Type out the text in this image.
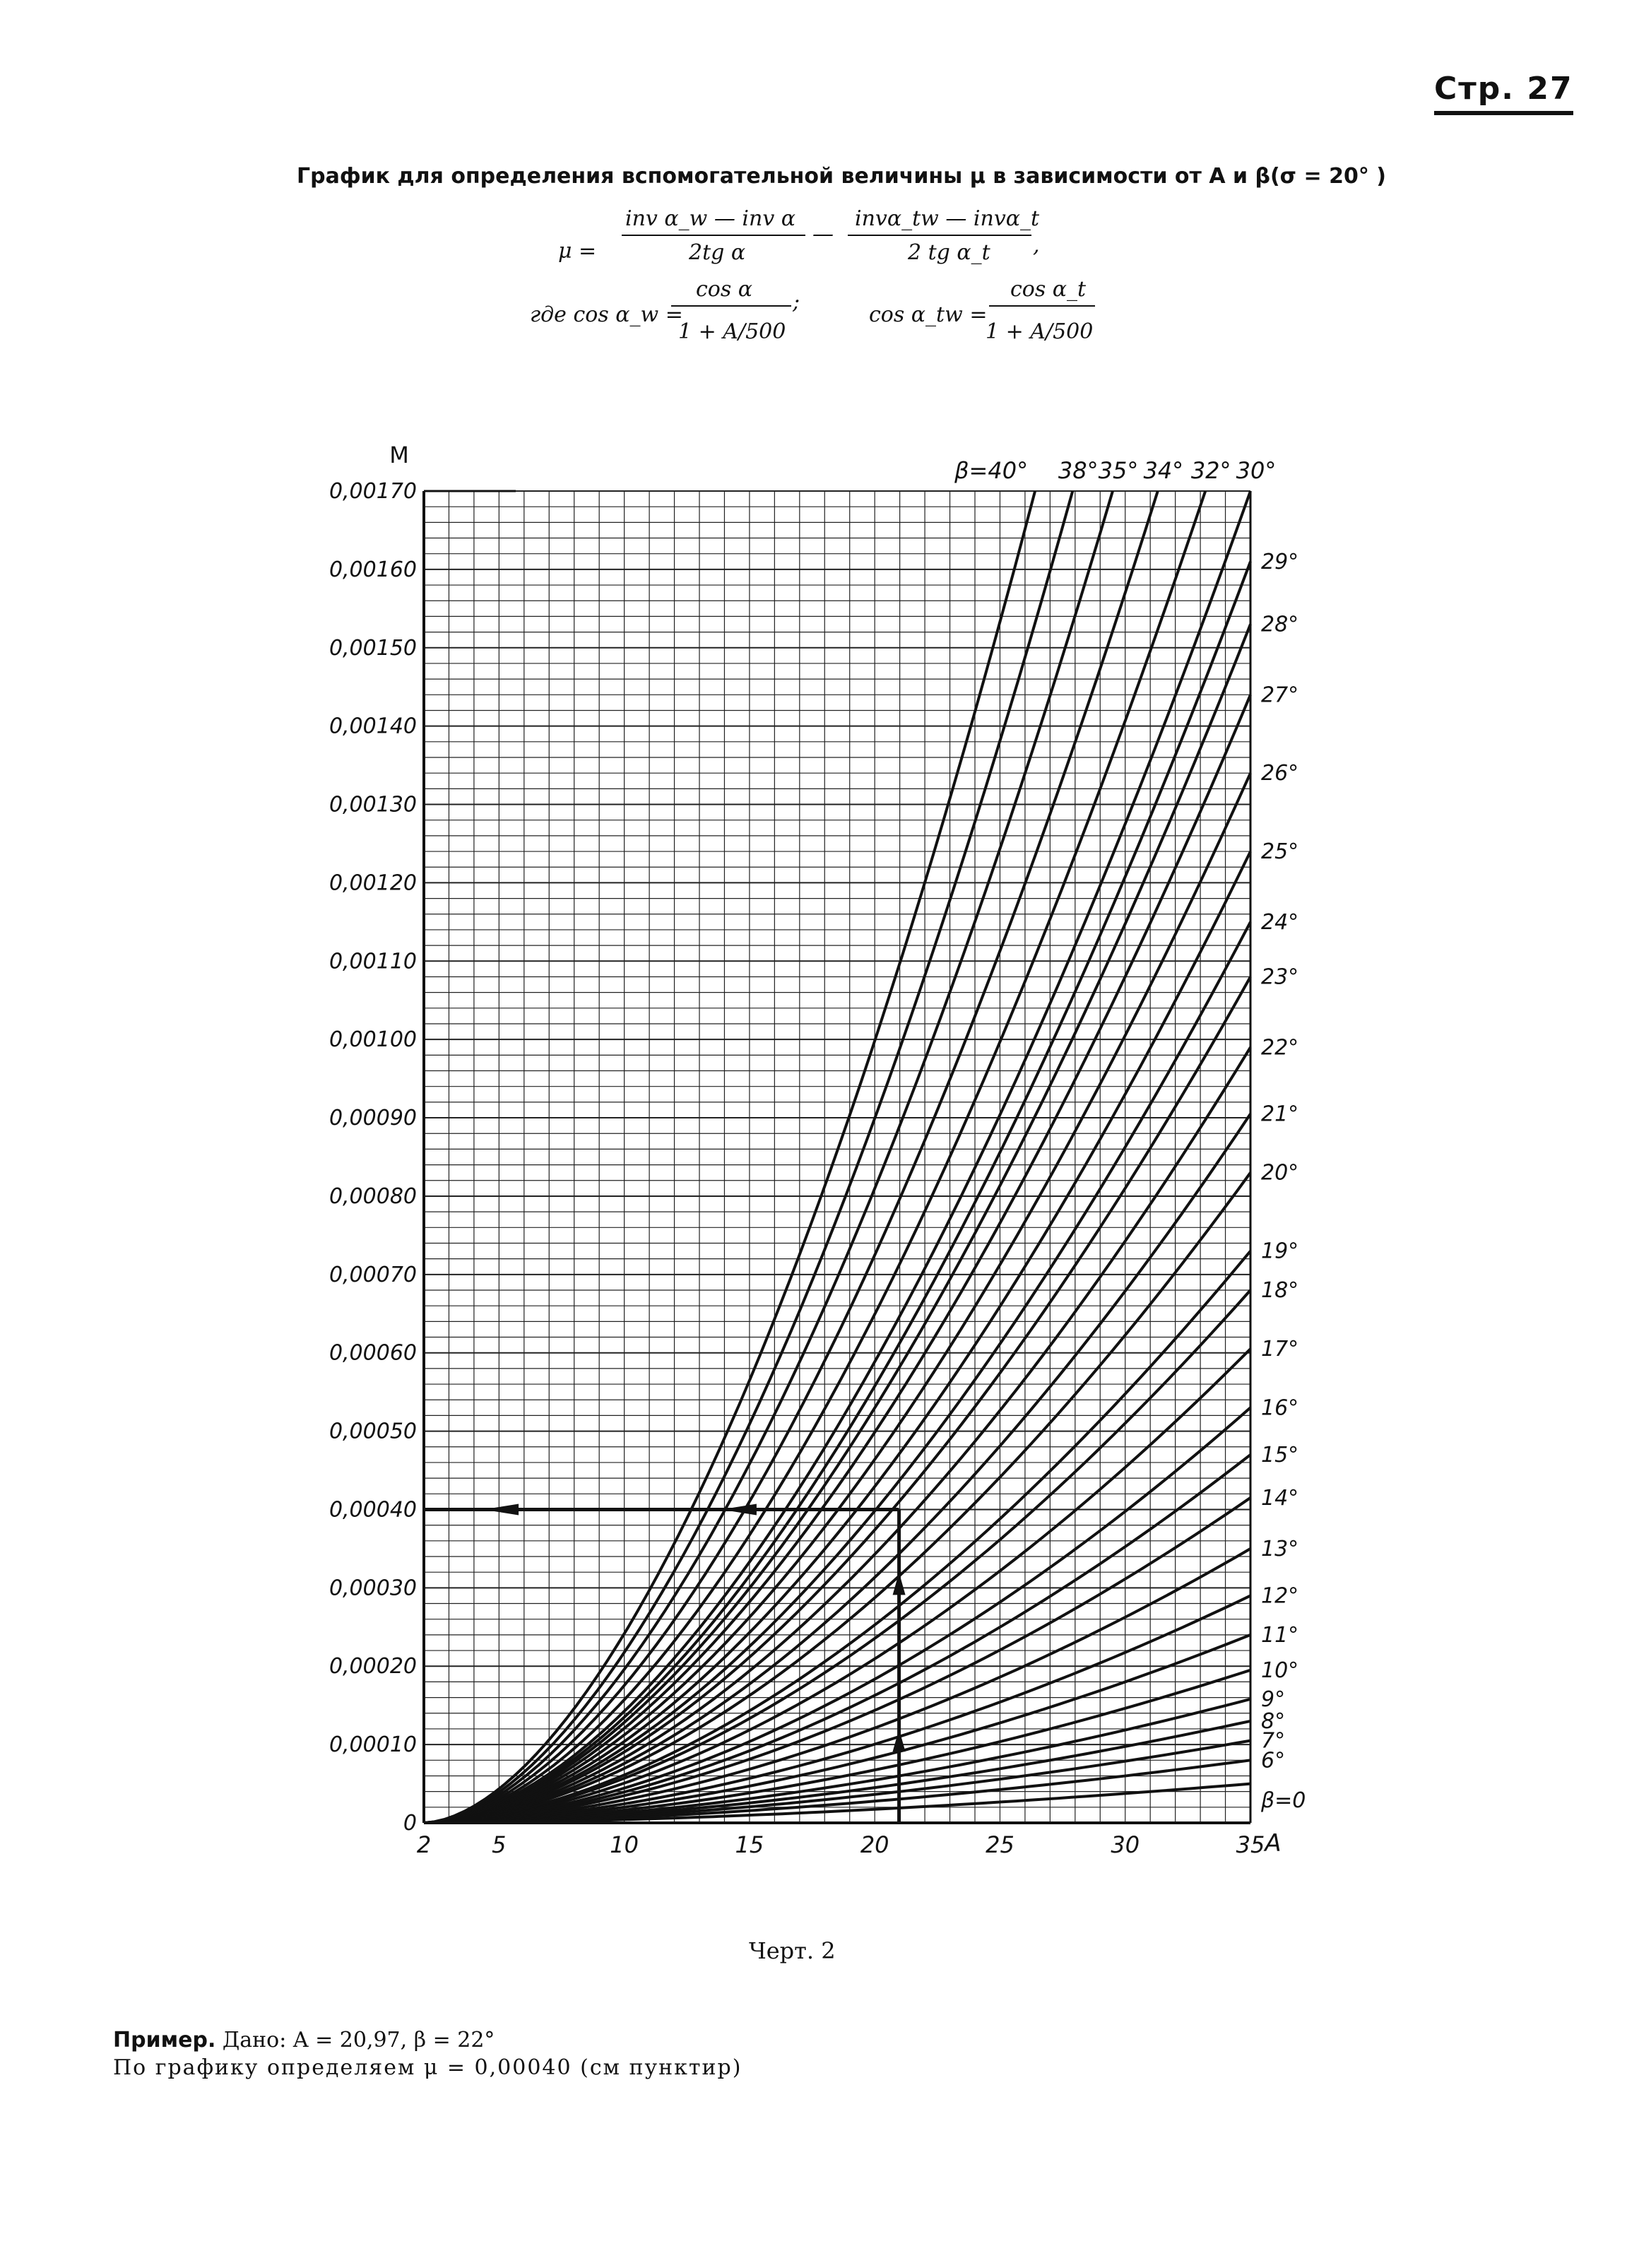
Стр. 27
График для определения вспомогательной величины μ в зависимости от A и β(σ = 20° )
μ =
inv α_w — inv α
2tg α
—
invα_tw — invα_t
2 tg α_t ,
где cos α_w =
cos α
1 + A/500
;
cos α_tw =
cos α_t
1 + A/500
0
0,00010
0,00020
0,00030
0,00040
0,00050
0,00060
0,00070
0,00080
0,00090
0,00100
0,00110
0,00120
0,00130
0,00140
0,00150
0,00160
0,00170
2	5	10	15	20	25	30	35
M
A
29°
28°
27°
26°
25°
24°
23°
22°
21°
20°
19°
18°
17°
16°
15°
14°
13°
12°
11°
10°
9°
8°
7°
6°
β=0
β=40° 38° 35° 34° 32° 30°
Черт. 2
Пример. Дано: A = 20,97, β = 22°
По графику определяем μ = 0,00040 (см пунктир)
